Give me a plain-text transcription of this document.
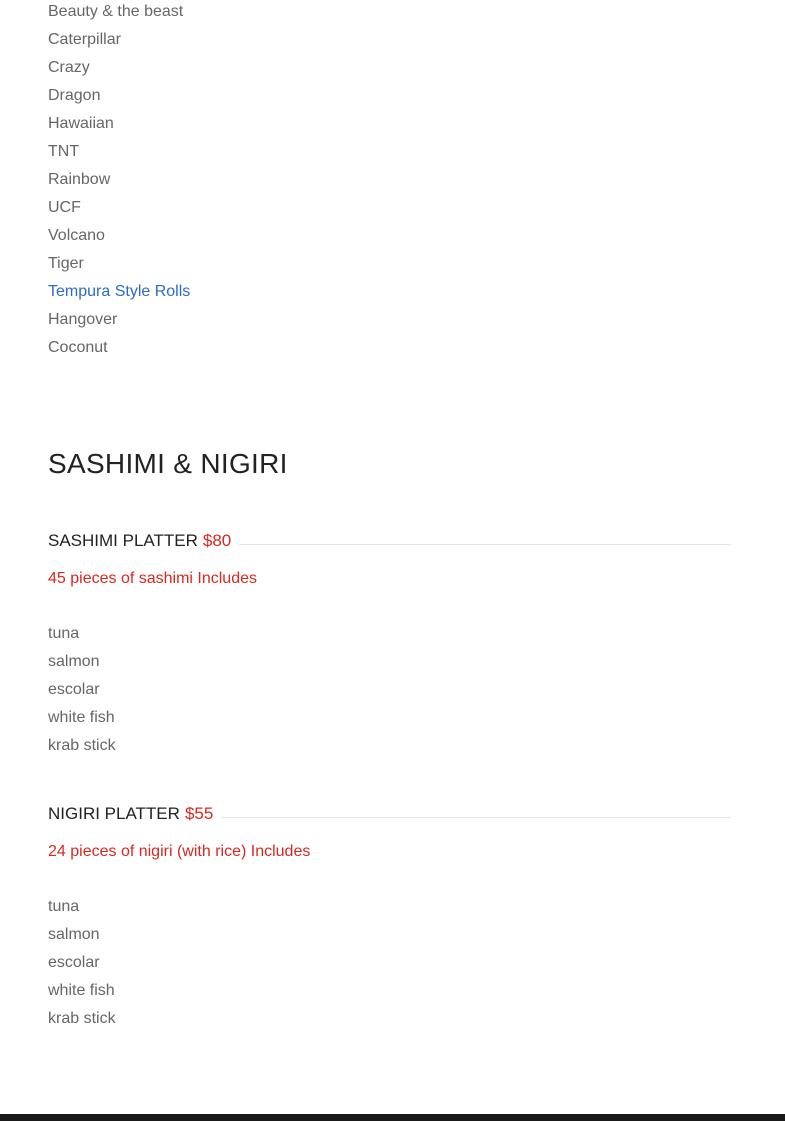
Beauty & the beast
Caterpillar
Crazy
Dragon
Hawaiian
TNT
Rainbow
UCF
Volcano
Tiger
Tempura Style Rolls
Hangover
Coconut
SASHIMI & NIGIRI
SASHIMI PLATTER $80
45 pieces of sashimi Includes
tuna
salmon
escolar
white fish
krab stick
NIGIRI PLATTER $55
24 pieces of nigiri (with rice) Includes
tuna
salmon
escolar
white fish
krab stick
